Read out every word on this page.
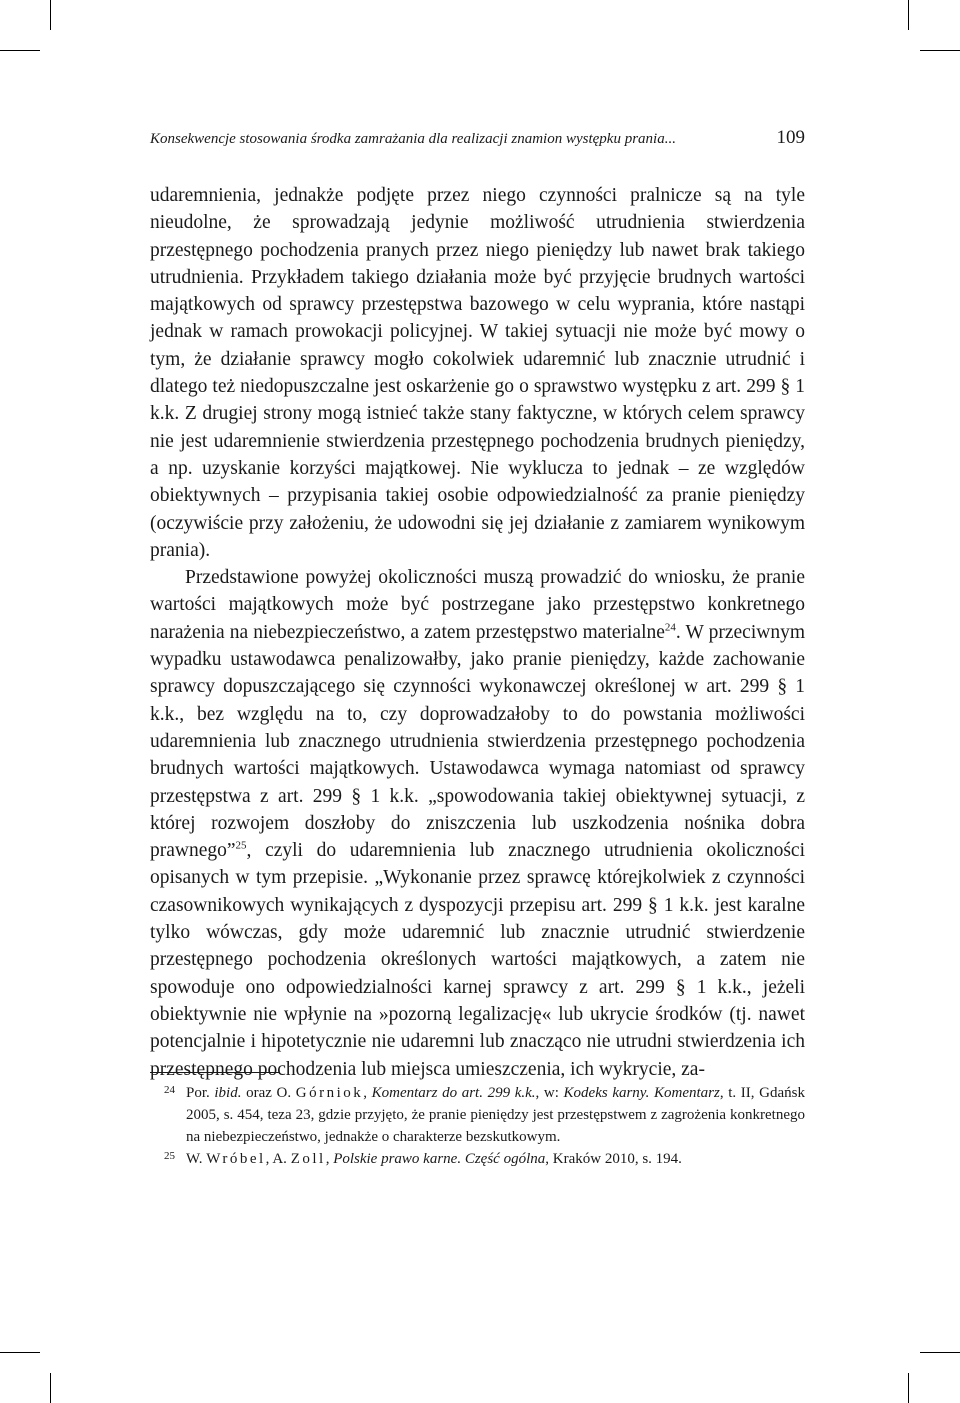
Konsekwencje stosowania środka zamrażania dla realizacji znamion występku prania...	109

udaremnienia, jednakże podjęte przez niego czynności pralnicze są na tyle nieudolne, że sprowadzają jedynie możliwość utrudnienia stwierdzenia przestępnego pochodzenia pranych przez niego pieniędzy lub nawet brak takiego utrudnienia. Przykładem takiego działania może być przyjęcie brudnych wartości majątkowych od sprawcy przestępstwa bazowego w celu wyprania, które nastąpi jednak w ramach prowokacji policyjnej. W takiej sytuacji nie może być mowy o tym, że działanie sprawcy mogło cokolwiek udaremnić lub znacznie utrudnić i dlatego też niedopuszczalne jest oskarżenie go o sprawstwo występku z art. 299 § 1 k.k. Z drugiej strony mogą istnieć także stany faktyczne, w których celem sprawcy nie jest udaremnienie stwierdzenia przestępnego pochodzenia brudnych pieniędzy, a np. uzyskanie korzyści majątkowej. Nie wyklucza to jednak – ze względów obiektywnych – przypisania takiej osobie odpowiedzialność za pranie pieniędzy (oczywiście przy założeniu, że udowodni się jej działanie z zamiarem wynikowym prania).

Przedstawione powyżej okoliczności muszą prowadzić do wniosku, że pranie wartości majątkowych może być postrzegane jako przestępstwo konkretnego narażenia na niebezpieczeństwo, a zatem przestępstwo materialne$^{24}$. W przeciwnym wypadku ustawodawca penalizowałby, jako pranie pieniędzy, każde zachowanie sprawcy dopuszczającego się czynności wykonawczej określonej w art. 299 § 1 k.k., bez względu na to, czy doprowadzałoby to do powstania możliwości udaremnienia lub znacznego utrudnienia stwierdzenia przestępnego pochodzenia brudnych wartości majątkowych. Ustawodawca wymaga natomiast od sprawcy przestępstwa z art. 299 § 1 k.k. „spowodowania takiej obiektywnej sytuacji, z której rozwojem doszłoby do zniszczenia lub uszkodzenia nośnika dobra prawnego”$^{25}$, czyli do udaremnienia lub znacznego utrudnienia okoliczności opisanych w tym przepisie. „Wykonanie przez sprawcę którejkolwiek z czynności czasownikowych wynikających z dyspozycji przepisu art. 299 § 1 k.k. jest karalne tylko wówczas, gdy może udaremnić lub znacznie utrudnić stwierdzenie przestępnego pochodzenia określonych wartości majątkowych, a zatem nie spowoduje ono odpowiedzialności karnej sprawcy z art. 299 § 1 k.k., jeżeli obiektywnie nie wpłynie na »pozorną legalizację« lub ukrycie środków (tj. nawet potencjalnie i hipotetycznie nie udaremni lub znacząco nie utrudni stwierdzenia ich przestępnego pochodzenia lub miejsca umieszczenia, ich wykrycie, za-

24 Por. ibid. oraz O. Górniok, Komentarz do art. 299 k.k., w: Kodeks karny. Komentarz, t. II, Gdańsk 2005, s. 454, teza 23, gdzie przyjęto, że pranie pieniędzy jest przestępstwem z zagrożenia konkretnego na niebezpieczeństwo, jednakże o charakterze bezskutkowym.
25 W. Wróbel, A. Zoll, Polskie prawo karne. Część ogólna, Kraków 2010, s. 194.
